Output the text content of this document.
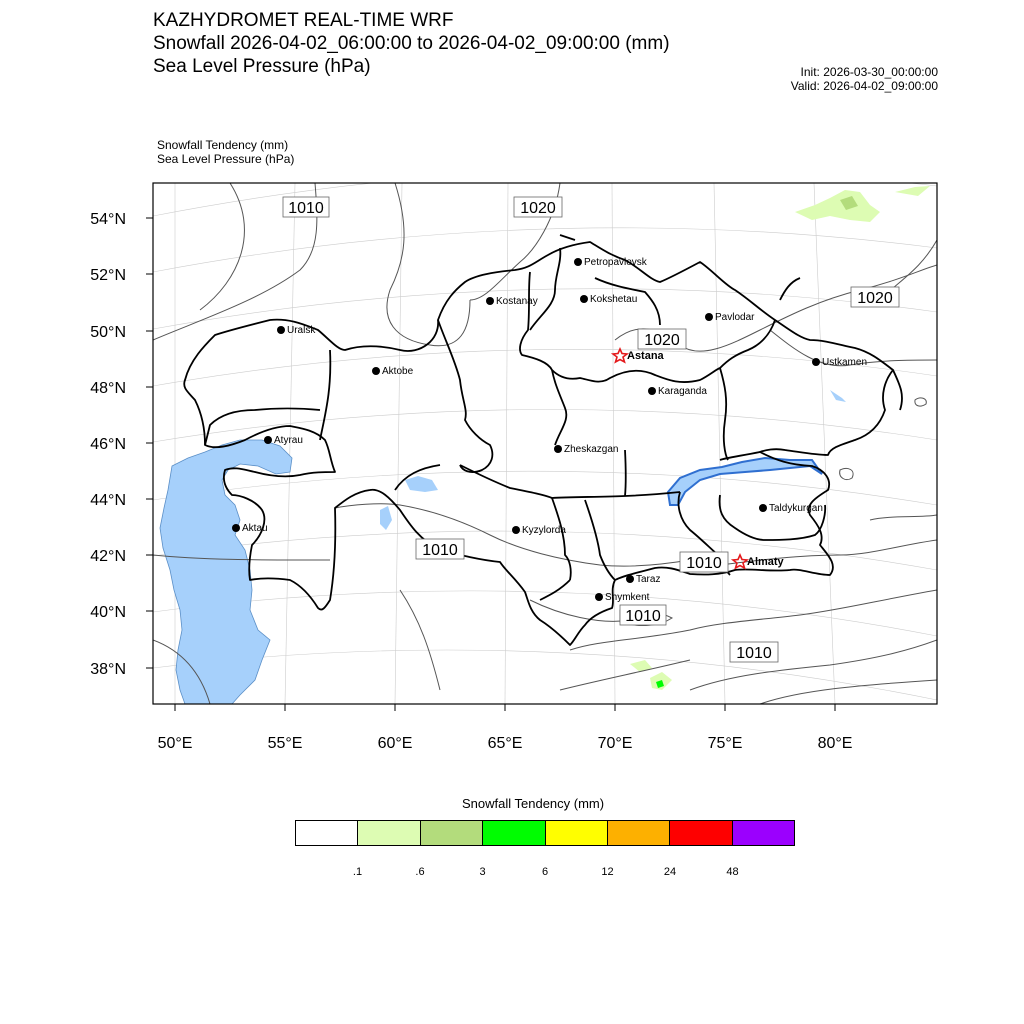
KAZHYDROMET REAL-TIME WRF
Snowfall 2026-04-02_06:00:00 to 2026-04-02_09:00:00 (mm)
Sea Level Pressure (hPa)	Init: 2026-03-30_00:00:00
Valid: 2026-04-02_09:00:00
Snowfall Tendency (mm)
Sea Level Pressure (hPa)
54°N
52°N
50°N
48°N
46°N
44°N
42°N
40°N
38°N
50°E	55°E	60°E	65°E	70°E	75°E	80°E
1010	1020
1020
1020
1010
1010
1010
1010
Petropavlovsk
Kostanay	Kokshetau
Pavlodar
Uralsk
Aktobe
Astana
Ustkamen
Karaganda
Atyrau
Zheskazgan
Taldykurgan
Aktau	Kyzylorda
Almaty
Taraz
Shymkent
Snowfall Tendency (mm)
.1	.6	3	6	12	24	48
